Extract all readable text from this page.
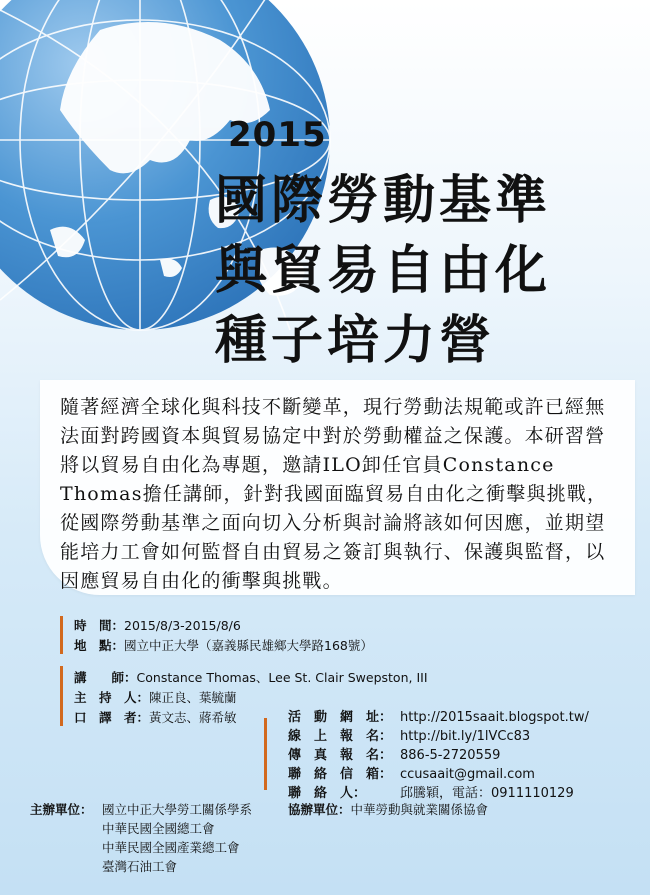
2015
國際勞動基準
與貿易自由化
種子培力營

隨著經濟全球化與科技不斷變革，現行勞動法規範或許已經無法面對跨國資本與貿易協定中對於勞動權益之保護。本研習營將以貿易自由化為專題，邀請ILO卸任官員Constance Thomas擔任講師，針對我國面臨貿易自由化之衝擊與挑戰，從國際勞動基準之面向切入分析與討論將該如何因應，並期望能培力工會如何監督自由貿易之簽訂與執行、保護與監督，以因應貿易自由化的衝擊與挑戰。

時　間：2015/8/3-2015/8/6
地　點：國立中正大學（嘉義縣民雄鄉大學路168號）
講　　師：Constance Thomas、Lee St. Clair Swepston, III
主　持　人：陳正良、葉毓蘭
口　譯　者：黃文志、蔣希敏	活　動　網　址： http://2015saait.blogspot.tw/
線　上　報　名： http://bit.ly/1lVCc83
傳　真　報　名： 886-5-2720559
聯　絡　信　箱： ccusaait@gmail.com
聯　絡　人：	邱騰穎，電話：0911110129
主辦單位： 國立中正大學勞工關係學系
中華民國全國總工會
中華民國全國產業總工會
臺灣石油工會
協辦單位：中華勞動與就業關係協會
